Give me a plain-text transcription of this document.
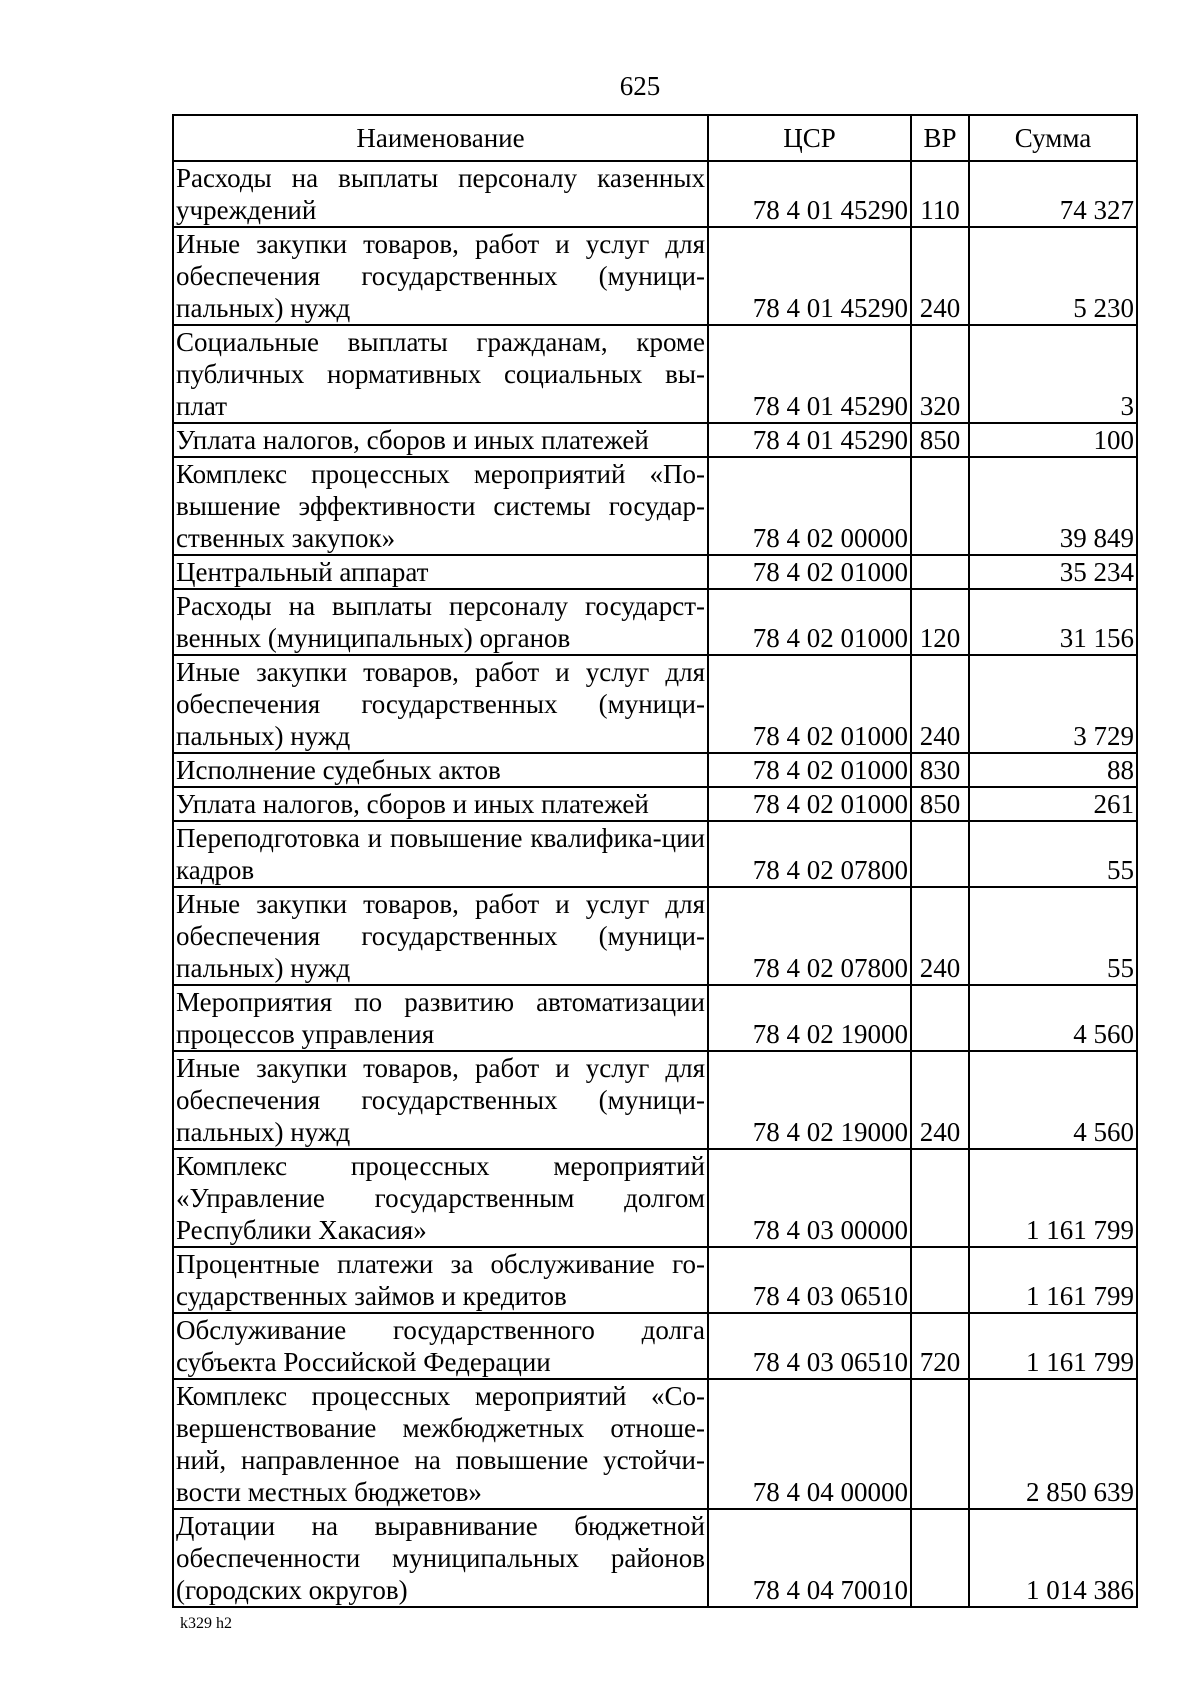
625
Наименование	ЦСР	ВР	Сумма
Расходы на выплаты персоналу казенных учреждений	78 4 01 45290	110	74 327
Иные закупки товаров, работ и услуг для обеспечения государственных (муници-пальных) нужд	78 4 01 45290	240	5 230
Социальные выплаты гражданам, кроме публичных нормативных социальных вы-плат	78 4 01 45290	320	3
Уплата налогов, сборов и иных платежей	78 4 01 45290	850	100
Комплекс процессных мероприятий «По-вышение эффективности системы государ-ственных закупок»	78 4 02 00000		39 849
Центральный аппарат	78 4 02 01000		35 234
Расходы на выплаты персоналу государст-венных (муниципальных) органов	78 4 02 01000	120	31 156
Иные закупки товаров, работ и услуг для обеспечения государственных (муници-пальных) нужд	78 4 02 01000	240	3 729
Исполнение судебных актов	78 4 02 01000	830	88
Уплата налогов, сборов и иных платежей	78 4 02 01000	850	261
Переподготовка и повышение квалифика-ции кадров	78 4 02 07800		55
Иные закупки товаров, работ и услуг для обеспечения государственных (муници-пальных) нужд	78 4 02 07800	240	55
Мероприятия по развитию автоматизации процессов управления	78 4 02 19000		4 560
Иные закупки товаров, работ и услуг для обеспечения государственных (муници-пальных) нужд	78 4 02 19000	240	4 560
Комплекс процессных мероприятий «Управление государственным долгом Республики Хакасия»	78 4 03 00000		1 161 799
Процентные платежи за обслуживание го-сударственных займов и кредитов	78 4 03 06510		1 161 799
Обслуживание государственного долга субъекта Российской Федерации	78 4 03 06510	720	1 161 799
Комплекс процессных мероприятий «Со-вершенствование межбюджетных отноше-ний, направленное на повышение устойчи-вости местных бюджетов»	78 4 04 00000		2 850 639
Дотации на выравнивание бюджетной обеспеченности муниципальных районов (городских округов)	78 4 04 70010		1 014 386
k329 h2
